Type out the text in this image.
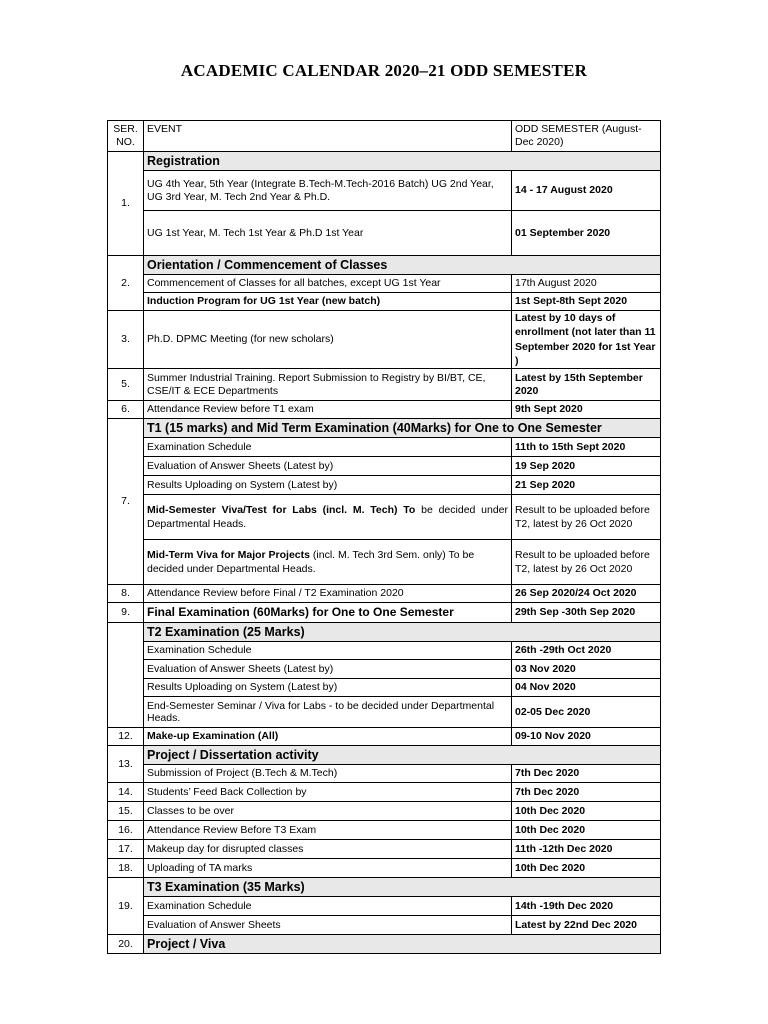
ACADEMIC CALENDAR 2020–21 ODD SEMESTER
SER. NO.	EVENT	ODD SEMESTER (August-Dec 2020)
1.	Registration	
	UG 4th Year, 5th Year (Integrate B.Tech-M.Tech-2016 Batch) UG 2nd Year, UG 3rd Year, M. Tech 2nd Year & Ph.D.	14 - 17 August 2020
	UG 1st Year, M. Tech 1st Year & Ph.D 1st Year	01 September 2020
2.	Orientation / Commencement of Classes	
	Commencement of Classes for all batches, except UG 1st Year	17th August 2020
	Induction Program for UG 1st Year (new batch)	1st Sept-8th Sept 2020
3.	Ph.D. DPMC Meeting (for new scholars)	Latest by 10 days of enrollment (not later than 11 September 2020 for 1st Year )
5.	Summer Industrial Training. Report Submission to Registry by BI/BT, CE, CSE/IT & ECE Departments	Latest by 15th September 2020
6.	Attendance Review before T1 exam	9th Sept 2020
7.	T1 (15 marks) and Mid Term Examination (40Marks) for One to One Semester	
	Examination Schedule	11th to 15th Sept 2020
	Evaluation of Answer Sheets (Latest by)	19 Sep 2020
	Results Uploading on System (Latest by)	21 Sep 2020
	Mid-Semester Viva/Test for Labs (incl. M. Tech) To be decided under Departmental Heads.	Result to be uploaded before T2, latest by 26 Oct 2020
	Mid-Term Viva for Major Projects (incl. M. Tech 3rd Sem. only) To be decided under Departmental Heads.	Result to be uploaded before T2, latest by 26 Oct 2020
8.	Attendance Review before Final / T2 Examination 2020	26 Sep 2020/24 Oct 2020
9.	Final Examination (60Marks) for One to One Semester	29th Sep -30th Sep 2020
	T2 Examination (25 Marks)	
	Examination Schedule	26th -29th Oct 2020
	Evaluation of Answer Sheets (Latest by)	03 Nov 2020
	Results Uploading on System (Latest by)	04 Nov 2020
	End-Semester Seminar / Viva for Labs - to be decided under Departmental Heads.	02-05 Dec 2020
12.	Make-up Examination (All)	09-10 Nov 2020
13.	Project / Dissertation activity	
	Submission of Project (B.Tech & M.Tech)	7th Dec 2020
14.	Students’ Feed Back Collection by	7th Dec 2020
15.	Classes to be over	10th Dec 2020
16.	Attendance Review Before T3 Exam	10th Dec 2020
17.	Makeup day for disrupted classes	11th -12th Dec 2020
18.	Uploading of TA marks	10th Dec 2020
19.	T3 Examination (35 Marks)	
	Examination Schedule	14th -19th Dec 2020
	Evaluation of Answer Sheets	Latest by 22nd Dec 2020
20.	Project / Viva	
